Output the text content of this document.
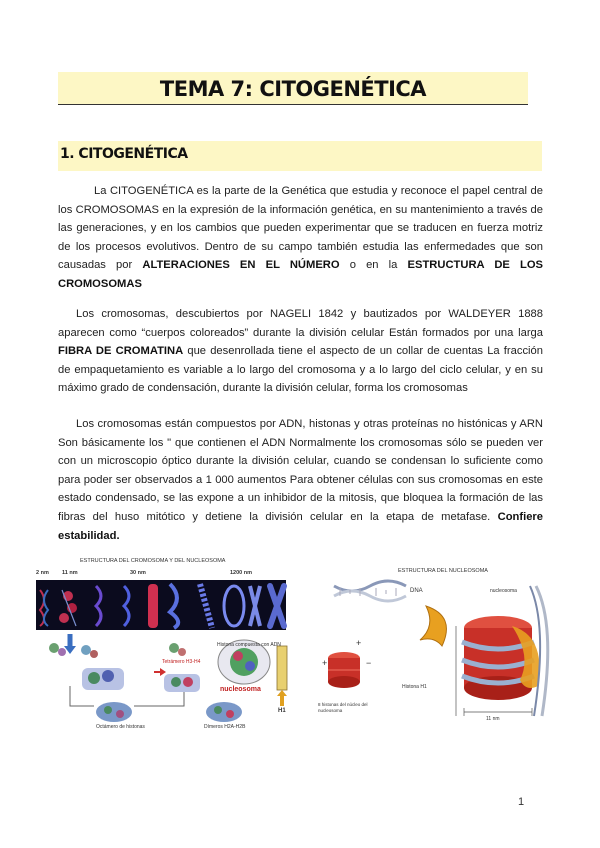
TEMA 7: CITOGENÉTICA
1. CITOGENÉTICA

La CITOGENÉTICA es la parte de la Genética que estudia y reconoce el papel central de los CROMOSOMAS en la expresión de la información genética, en su mantenimiento a través de las generaciones, y en los cambios que pueden experimentar que se traducen en fuerza motriz de los procesos evolutivos. Dentro de su campo también estudia las enfermedades que son causadas por ALTERACIONES EN EL NÚMERO o en la ESTRUCTURA DE LOS CROMOSOMAS

Los cromosomas, descubiertos por NAGELI 1842 y bautizados por WALDEYER 1888 aparecen como “cuerpos coloreados” durante la división celular Están formados por una larga FIBRA DE CROMATINA que desenrollada tiene el aspecto de un collar de cuentas La fracción de empaquetamiento es variable a lo largo del cromosoma y a lo largo del ciclo celular, y en su máximo grado de condensación, durante la división celular, forma los cromosomas

Los cromosomas están compuestos por ADN, histonas y otras proteínas no histónicas y ARN Son básicamente los " que contienen el ADN Normalmente los cromosomas sólo se pueden ver con un microscopio óptico durante la división celular, cuando se condensan lo suficiente como para poder ser observados a 1 000 aumentos Para obtener células con sus cromosomas en este estado condensado, se las expone a un inhibidor de la mitosis, que bloquea la formación de las fibras del huso mitótico y detiene la división celular en la etapa de metafase. Confiere estabilidad.

ESTRUCTURA DEL CROMOSOMA Y DEL NUCLEOSOMA
2 nm 11 nm	30 nm	1200 nm
Histona compuesta con ADN
Tetrámero H3-H4
nucleosoma
H1
Octámero de histonas	Dímeros H2A-H2B
ESTRUCTURA DEL NUCLEOSOMA
+
+
−
DNA	nucleosoma
Histona H1
8 histonas del núcleo del nucleosoma
11 nm
1
